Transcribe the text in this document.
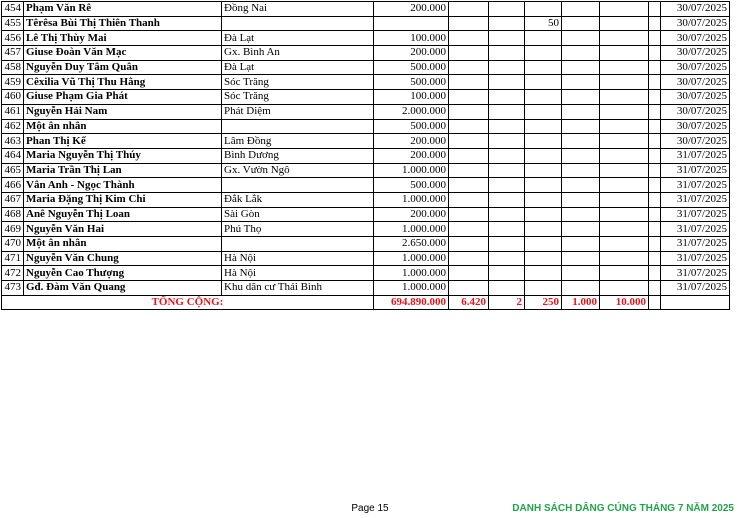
454	Phạm Văn Rê	Đồng Nai	200.000							30/07/2025
455	Têrêsa Bùi Thị Thiên Thanh					50				30/07/2025
456	Lê Thị Thùy Mai	Đà Lạt	100.000							30/07/2025
457	Giuse Đoàn Văn Mạc	Gx. Bình An	200.000							30/07/2025
458	Nguyễn Duy Tâm Quân	Đà Lạt	500.000							30/07/2025
459	Cêxilia Vũ Thị Thu Hằng	Sóc Trăng	500.000							30/07/2025
460	Giuse Phạm Gia Phát	Sóc Trăng	100.000							30/07/2025
461	Nguyễn Hải Nam	Phát Diệm	2.000.000							30/07/2025
462	Một ân nhân		500.000							30/07/2025
463	Phan Thị Kế	Lâm Đồng	200.000							30/07/2025
464	Maria Nguyễn Thị Thúy	Bình Dương	200.000							31/07/2025
465	Maria Trần Thị Lan	Gx. Vườn Ngô	1.000.000							31/07/2025
466	Vân Anh - Ngọc Thành		500.000							31/07/2025
467	Maria Đặng Thị Kim Chi	Đắk Lắk	1.000.000							31/07/2025
468	Anê Nguyễn Thị Loan	Sài Gòn	200.000							31/07/2025
469	Nguyễn Văn Hai	Phú Thọ	1.000.000							31/07/2025
470	Một ân nhân		2.650.000							31/07/2025
471	Nguyễn Văn Chung	Hà Nội	1.000.000							31/07/2025
472	Nguyễn Cao Thượng	Hà Nội	1.000.000							31/07/2025
473	Gđ. Đàm Văn Quang	Khu dân cư Thái Bình	1.000.000							31/07/2025
TỔNG CỘNG:			694.890.000	6.420	2	250	1.000	10.000		
Page 15	DANH SÁCH DÂNG CÚNG THÁNG 7 NĂM 2025
